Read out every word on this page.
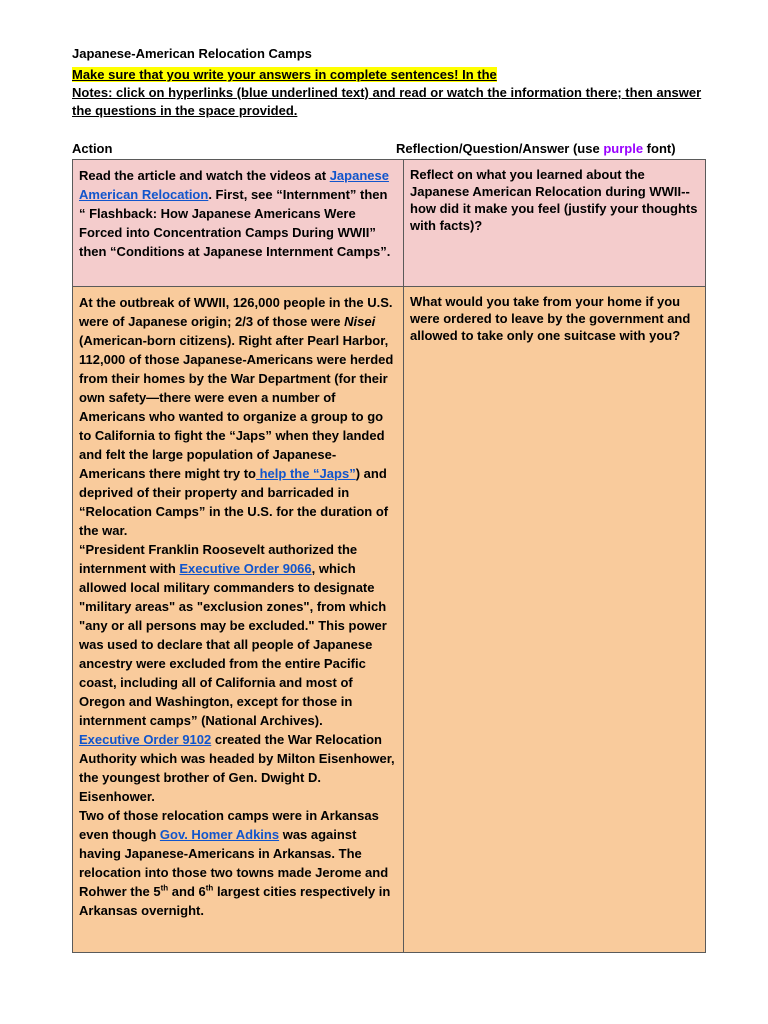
Japanese-American Relocation Camps
Make sure that you write your answers in complete sentences! In the
Notes: click on hyperlinks (blue underlined text) and read or watch the information there; then answer the questions in the space provided.
Action	Reflection/Question/Answer (use purple font)
Read the article and watch the videos at Japanese American Relocation. First, see “Internment” then “ Flashback: How Japanese Americans Were Forced into Concentration Camps During WWII” then “Conditions at Japanese Internment Camps”.	Reflect on what you learned about the Japanese American Relocation during WWII-- how did it make you feel (justify your thoughts with facts)?
At the outbreak of WWII, 126,000 people in the U.S. were of Japanese origin; 2/3 of those were Nisei (American-born citizens). Right after Pearl Harbor, 112,000 of those Japanese-Americans were herded from their homes by the War Department (for their own safety—there were even a number of Americans who wanted to organize a group to go to California to fight the “Japs” when they landed and felt the large population of Japanese-Americans there might try to help the “Japs”) and deprived of their property and barricaded in “Relocation Camps” in the U.S. for the duration of the war.
“President Franklin Roosevelt authorized the internment with Executive Order 9066, which allowed local military commanders to designate "military areas" as "exclusion zones", from which "any or all persons may be excluded." This power was used to declare that all people of Japanese ancestry were excluded from the entire Pacific coast, including all of California and most of Oregon and Washington, except for those in internment camps” (National Archives).
Executive Order 9102 created the War Relocation Authority which was headed by Milton Eisenhower, the youngest brother of Gen. Dwight D. Eisenhower.
Two of those relocation camps were in Arkansas even though Gov. Homer Adkins was against having Japanese-Americans in Arkansas. The relocation into those two towns made Jerome and Rohwer the 5th and 6th largest cities respectively in Arkansas overnight.	What would you take from your home if you were ordered to leave by the government and allowed to take only one suitcase with you?
